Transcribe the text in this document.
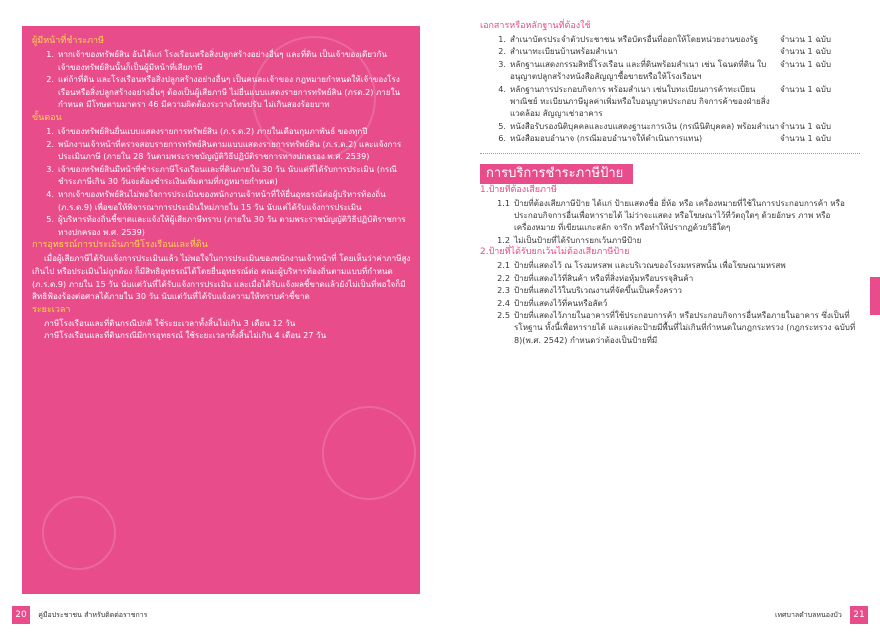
ผู้มีหน้าที่ชำระภาษี
1. หากเจ้าของทรัพย์สิน อันได้แก่ โรงเรือนหรือสิ่งปลูกสร้างอย่างอื่นๆ และที่ดิน เป็นเจ้าของเดียวกัน เจ้าของทรัพย์สินนั้นก็เป็นผู้มีหน้าที่เสียภาษี
2. แต่ถ้าที่ดิน และโรงเรือนหรือสิ่งปลูกสร้างอย่างอื่นๆ เป็นคนละเจ้าของ กฎหมายกำหนดให้เจ้าของโรงเรือนหรือสิ่งปลูกสร้างอย่างอื่นๆ ต้องเป็นผู้เสียภาษี ไม่ยื่นแบบแสดงรายการทรัพย์สิน (ภรด.2) ภายในกำหนด มีโทษตามมาตรา 46 มีความผิดต้องระวางโทษปรับ ไม่เกินสองร้อยบาท
ขั้นตอน
1. เจ้าของทรัพย์สินยื่นแบบแสดงรายการทรัพย์สิน (ภ.ร.ด.2) ภายในเดือนกุมภาพันธ์ ของทุกปี
2. พนักงานเจ้าหน้าที่ตรวจสอบรายการทรัพย์สินตามแบบแสดงรายการทรัพย์สิน (ภ.ร.ด.2) และแจ้งการประเมินภาษี (ภายใน 28 วันตามพระราชบัญญัติวิธีปฏิบัติราชการทางปกครอง พ.ศ. 2539)
3. เจ้าของทรัพย์สินมีหน้าที่ชำระภาษีโรงเรือนและที่ดินภายใน 30 วัน นับแต่ที่ได้รับการประเมิน (กรณีชำระภาษีเกิน 30 วันจะต้องชำระเงินเพิ่มตามที่กฎหมายกำหนด)
4. หากเจ้าของทรัพย์สินไม่พอใจการประเมินของพนักงานเจ้าหน้าที่ให้ยื่นอุทธรณ์ต่อผู้บริหารท้องถิ่น (ภ.ร.ด.9) เพื่อขอให้พิจารณาการประเมินใหม่ภายใน 15 วัน นับแต่ได้รับแจ้งการประเมิน
5. ผู้บริหารท้องถิ่นชี้ขาดและแจ้งให้ผู้เสียภาษีทราบ (ภายใน 30 วัน ตามพระราชบัญญัติวิธีปฏิบัติราชการทางปกครอง พ.ศ. 2539)
การอุทธรณ์การประเมินภาษีโรงเรือนและที่ดิน
เมื่อผู้เสียภาษีได้รับแจ้งการประเมินแล้ว ไม่พอใจในการประเมินของพนักงานเจ้าหน้าที่ โดยเห็นว่าค่าภาษีสูงเกินไป หรือประเมินไม่ถูกต้อง ก็มีสิทธิอุทธรณ์ได้โดยยื่นอุทธรณ์ต่อ คณะผู้บริหารท้องถิ่นตามแบบที่กำหนด (ภ.ร.ด.9) ภายใน 15 วัน นับแต่วันที่ได้รับแจ้งการประเมิน และเมื่อได้รับแจ้งผลชี้ขาดแล้วยังไม่เป็นที่พอใจก็มีสิทธิฟ้องร้องต่อศาลได้ภายใน 30 วัน นับแต่วันที่ได้รับแจ้งความให้ทราบคำชี้ขาด
ระยะเวลา
ภาษีโรงเรือนและที่ดินกรณีปกติ ใช้ระยะเวลาทั้งสิ้นไม่เกิน 3 เดือน 12 วัน
ภาษีโรงเรือนและที่ดินกรณีมีการอุทธรณ์ ใช้ระยะเวลาทั้งสิ้นไม่เกิน 4 เดือน 27 วัน
เอกสารหรือหลักฐานที่ต้องใช้
1. สำเนาบัตรประจำตัวประชาชน หรือบัตรอื่นที่ออกให้โดยหน่วยงานของรัฐ	จำนวน 1 ฉบับ
2. สำเนาทะเบียนบ้านพร้อมสำเนา	จำนวน 1 ฉบับ
3. หลักฐานแสดงกรรมสิทธิ์โรงเรือน และที่ดินพร้อมสำเนา เช่น โฉนดที่ดิน ใบอนุญาตปลูกสร้างหนังสือสัญญาซื้อขายหรือให้โรงเรือนฯ
จำนวน 1 ฉบับ
4. หลักฐานการประกอบกิจการ พร้อมสำเนา เช่นใบทะเบียนการค้าทะเบียนพาณิชย์ ทะเบียนภาษีมูลค่าเพิ่มหรือใบอนุญาตประกอบ กิจการค้าของฝ่ายสิ่งแวดล้อม สัญญาเช่าอาคาร
จำนวน 1 ฉบับ
5. หนังสือรับรองนิติบุคคลและงบแสดงฐานะการเงิน (กรณีนิติบุคคล) พร้อมสำเนา จำนวน 1 ฉบับ
6. หนังสือมอบอำนาจ (กรณีมอบอำนาจให้ดำเนินการแทน)	จำนวน 1 ฉบับ
การบริการชำระภาษีป้าย
1.ป้ายที่ต้องเสียภาษี
1.1 ป้ายที่ต้องเสียภาษีป้าย ได้แก่ ป้ายแสดงชื่อ ยี่ห้อ หรือ เครื่องหมายที่ใช้ในการประกอบการค้า หรือประกอบกิจการอื่นเพื่อหารายได้ ไม่ว่าจะแสดง หรือโฆษณาไว้ที่วัตถุใดๆ ด้วยอักษร ภาพ หรือ เครื่องหมาย ที่เขียนแกะสลัก จารึก หรือทำให้ปรากฏด้วยวิธีใดๆ
1.2 ไม่เป็นป้ายที่ได้รับการยกเว้นภาษีป้าย
2.ป้ายที่ได้รับยกเว้นไม่ต้องเสียภาษีป้าย
2.1 ป้ายที่แสดงไว้ ณ โรงมหรสพ และบริเวณของโรงมหรสพนั้น เพื่อโฆษณามหรสพ
2.2 ป้ายที่แสดงไว้ที่สินค้า หรือที่สิ่งห่อหุ้มหรือบรรจุสินค้า
2.3 ป้ายที่แสดงไว้ในบริเวณงานที่จัดขึ้นเป็นครั้งคราว
2.4 ป้ายที่แสดงไว้ที่คนหรือสัตว์
2.5 ป้ายที่แสดงไว้ภายในอาคารที่ใช้ประกอบการค้า หรือประกอบกิจการอื่นหรือภายในอาคาร ซึ่งเป็นที่รโหฐาน ทั้งนี้เพื่อหารายได้ และแต่ละป้ายมีพื้นที่ไม่เกินที่กำหนดในกฎกระทรวง (กฎกระทรวง ฉบับที่ 8)(พ.ศ. 2542) กำหนดว่าต้องเป็นป้ายที่มี
20 คู่มือประชาชน สำหรับติดต่อราชการ	เทศบาลตำบลหนองบัว 21
